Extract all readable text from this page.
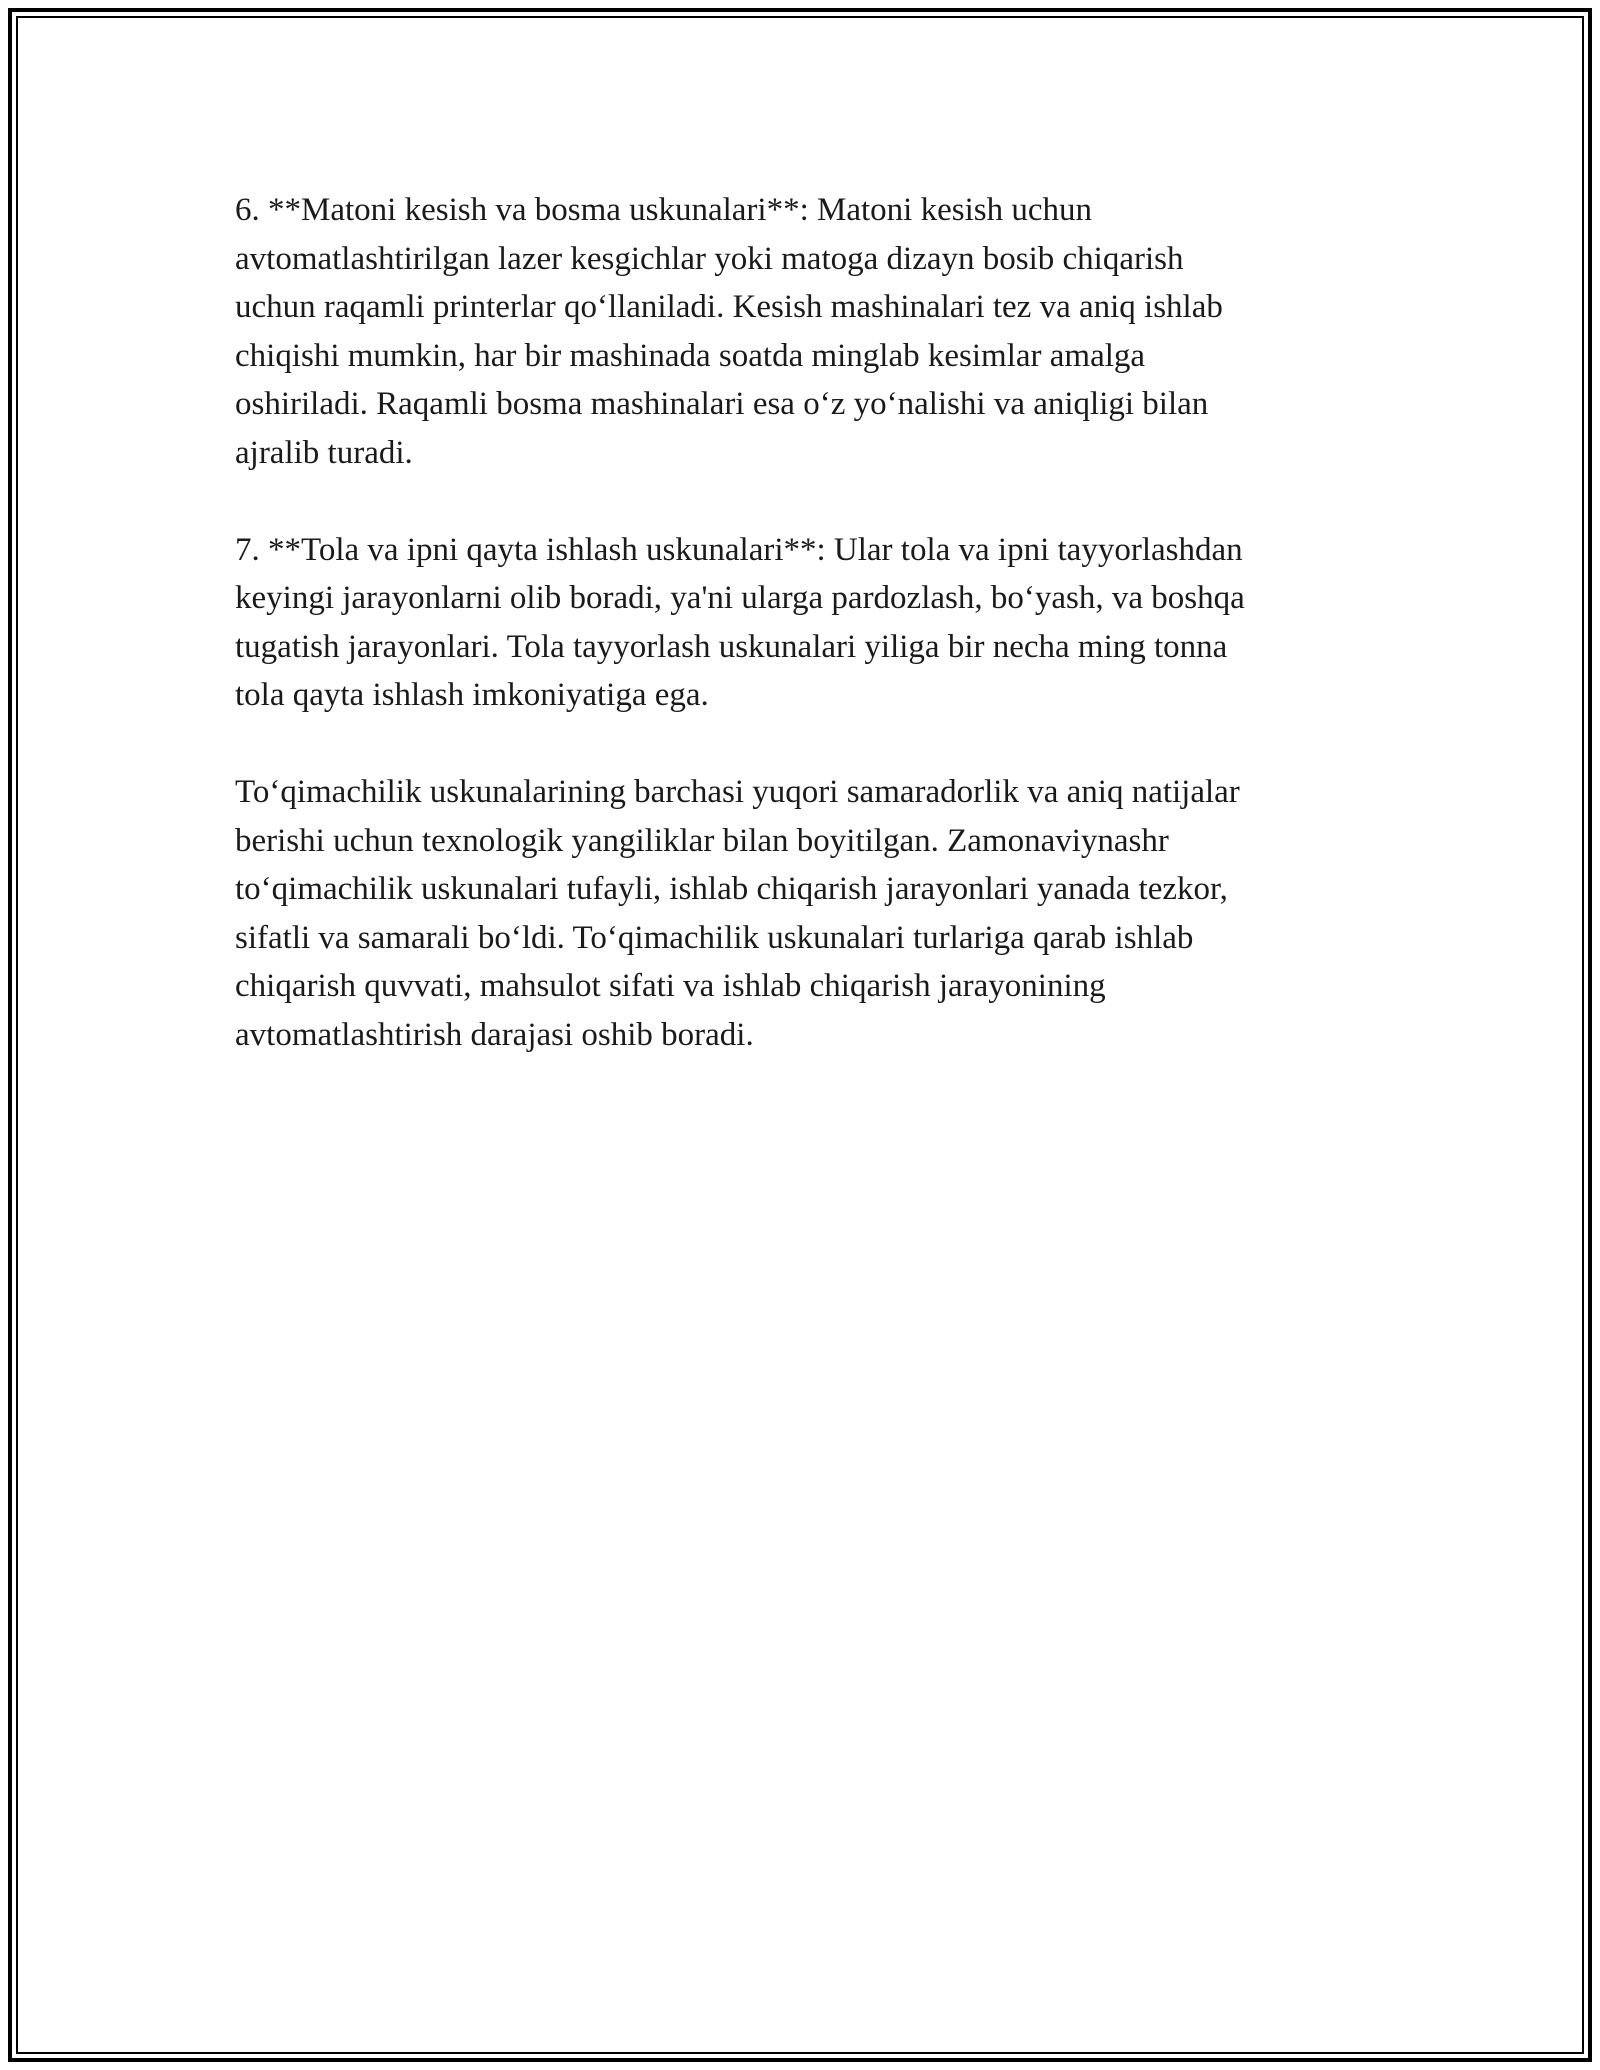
6. **Matoni kesish va bosma uskunalari**: Matoni kesish uchun
avtomatlashtirilgan lazer kesgichlar yoki matoga dizayn bosib chiqarish
uchun raqamli printerlar qo‘llaniladi. Kesish mashinalari tez va aniq ishlab
chiqishi mumkin, har bir mashinada soatda minglab kesimlar amalga
oshiriladi. Raqamli bosma mashinalari esa o‘z yo‘nalishi va aniqligi bilan
ajralib turadi.

7. **Tola va ipni qayta ishlash uskunalari**: Ular tola va ipni tayyorlashdan
keyingi jarayonlarni olib boradi, ya'ni ularga pardozlash, bo‘yash, va boshqa
tugatish jarayonlari. Tola tayyorlash uskunalari yiliga bir necha ming tonna
tola qayta ishlash imkoniyatiga ega.

To‘qimachilik uskunalarining barchasi yuqori samaradorlik va aniq natijalar
berishi uchun texnologik yangiliklar bilan boyitilgan. Zamonaviynashr
to‘qimachilik uskunalari tufayli, ishlab chiqarish jarayonlari yanada tezkor,
sifatli va samarali bo‘ldi. To‘qimachilik uskunalari turlariga qarab ishlab
chiqarish quvvati, mahsulot sifati va ishlab chiqarish jarayonining
avtomatlashtirish darajasi oshib boradi.
